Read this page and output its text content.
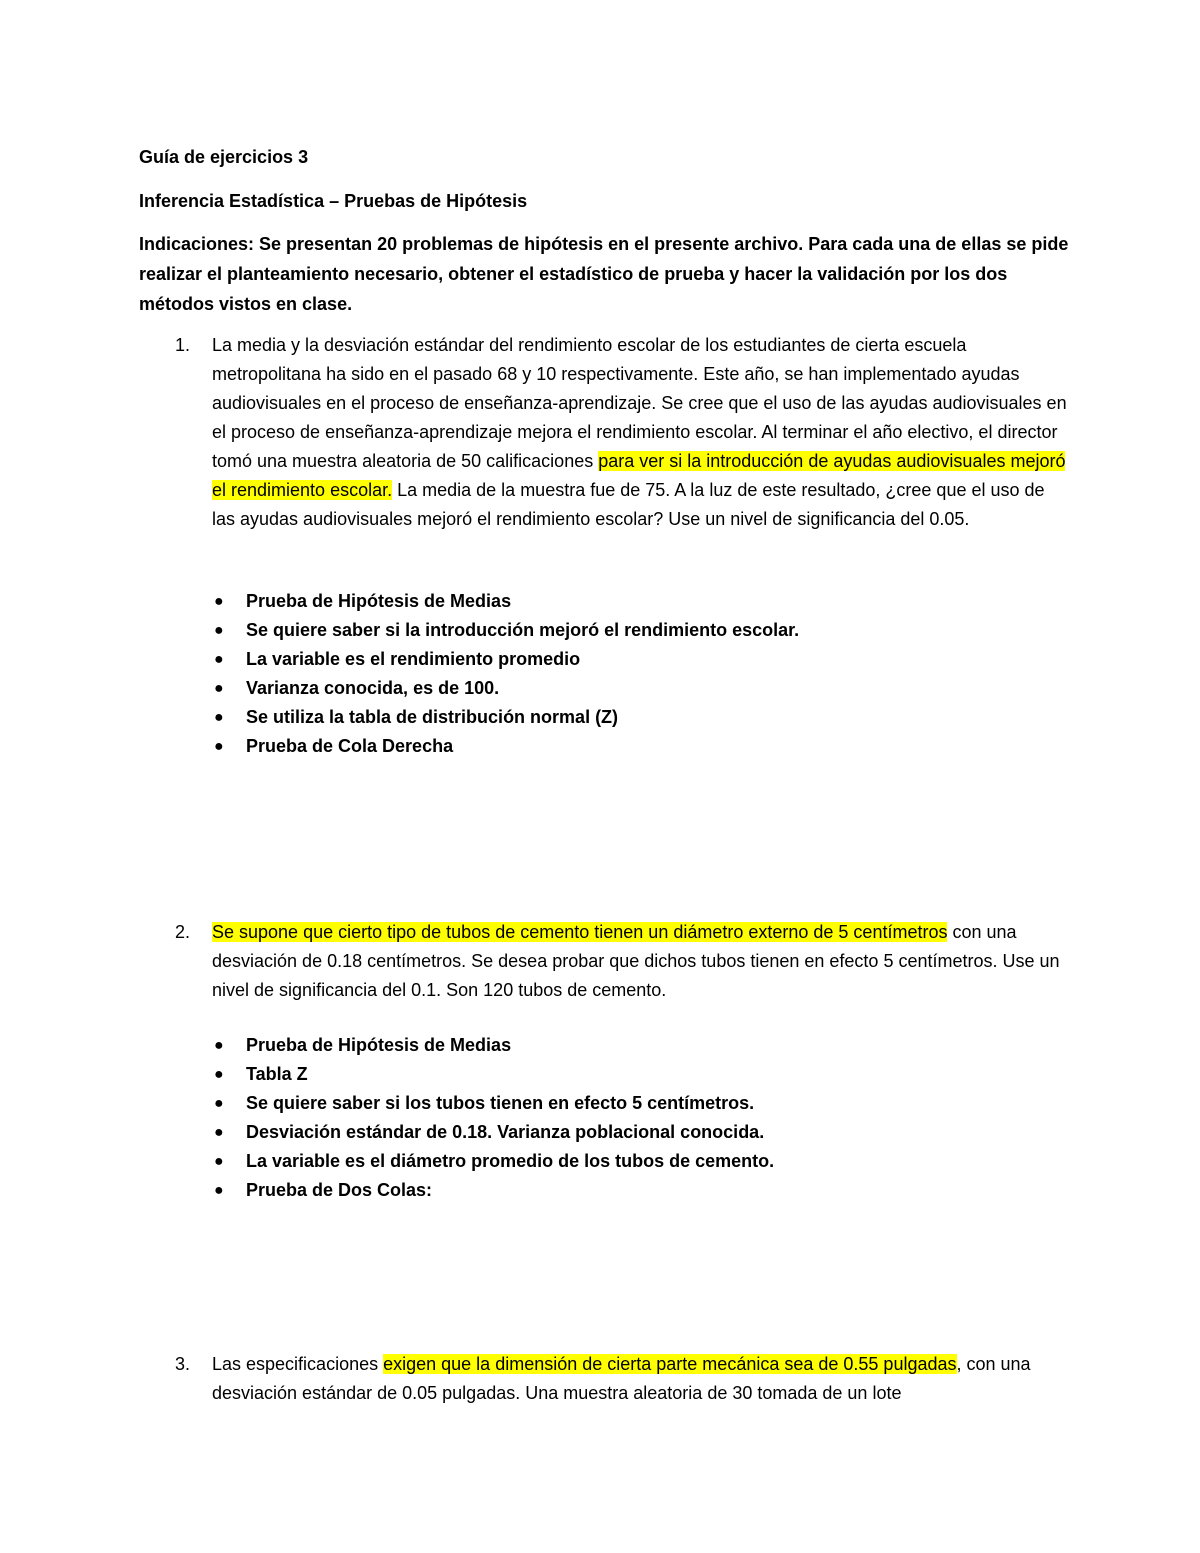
Guía de ejercicios 3
Inferencia Estadística – Pruebas de Hipótesis
Indicaciones: Se presentan 20 problemas de hipótesis en el presente archivo. Para cada una de ellas se pide realizar el planteamiento necesario, obtener el estadístico de prueba y hacer la validación por los dos métodos vistos en clase.
1.	La media y la desviación estándar del rendimiento escolar de los estudiantes de cierta escuela metropolitana ha sido en el pasado 68 y 10 respectivamente. Este año, se han implementado ayudas audiovisuales en el proceso de enseñanza-aprendizaje. Se cree que el uso de las ayudas audiovisuales en el proceso de enseñanza-aprendizaje mejora el rendimiento escolar. Al terminar el año electivo, el director tomó una muestra aleatoria de 50 calificaciones para ver si la introducción de ayudas audiovisuales mejoró el rendimiento escolar. La media de la muestra fue de 75. A la luz de este resultado, ¿cree que el uso de las ayudas audiovisuales mejoró el rendimiento escolar? Use un nivel de significancia del 0.05.
● Prueba de Hipótesis de Medias
● Se quiere saber si la introducción mejoró el rendimiento escolar.
● La variable es el rendimiento promedio
● Varianza conocida, es de 100.
● Se utiliza la tabla de distribución normal (Z)
● Prueba de Cola Derecha
2.	Se supone que cierto tipo de tubos de cemento tienen un diámetro externo de 5 centímetros con una desviación de 0.18 centímetros. Se desea probar que dichos tubos tienen en efecto 5 centímetros. Use un nivel de significancia del 0.1. Son 120 tubos de cemento.
● Prueba de Hipótesis de Medias
● Tabla Z
● Se quiere saber si los tubos tienen en efecto 5 centímetros.
● Desviación estándar de 0.18. Varianza poblacional conocida.
● La variable es el diámetro promedio de los tubos de cemento.
● Prueba de Dos Colas:
3.	Las especificaciones exigen que la dimensión de cierta parte mecánica sea de 0.55 pulgadas, con una desviación estándar de 0.05 pulgadas. Una muestra aleatoria de 30 tomada de un lote
